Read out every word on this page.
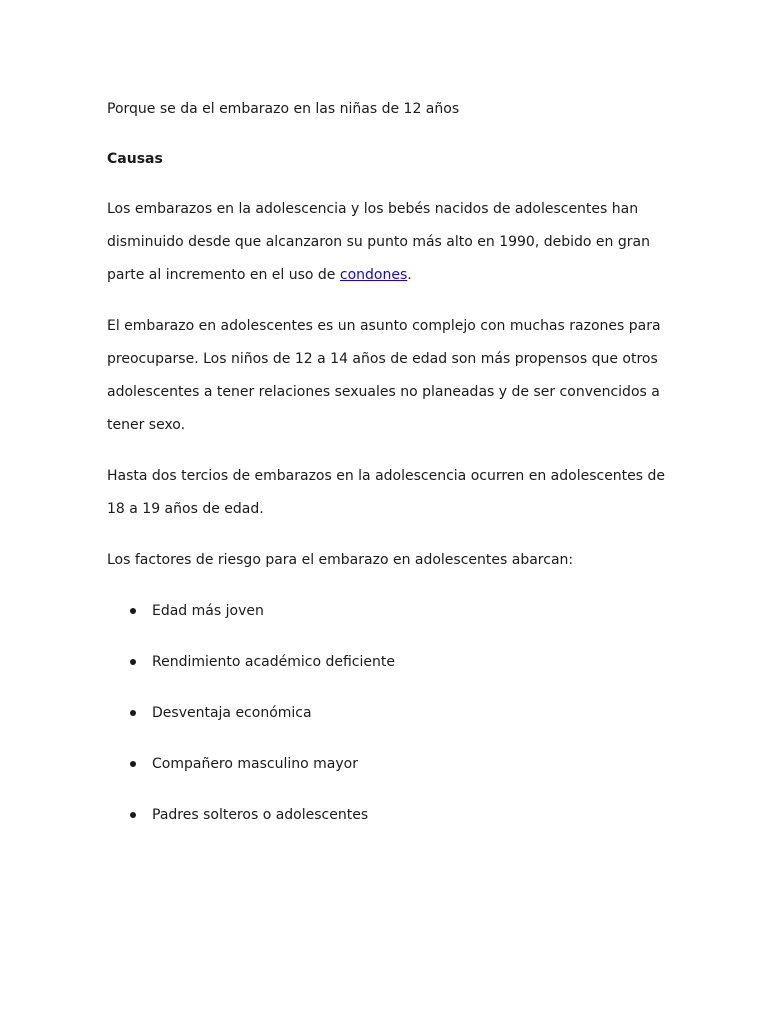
Porque se da el embarazo en las niñas de 12 años

Causas

Los embarazos en la adolescencia y los bebés nacidos de adolescentes han disminuido desde que alcanzaron su punto más alto en 1990, debido en gran parte al incremento en el uso de condones.

El embarazo en adolescentes es un asunto complejo con muchas razones para preocuparse. Los niños de 12 a 14 años de edad son más propensos que otros adolescentes a tener relaciones sexuales no planeadas y de ser convencidos a tener sexo.

Hasta dos tercios de embarazos en la adolescencia ocurren en adolescentes de 18 a 19 años de edad.

Los factores de riesgo para el embarazo en adolescentes abarcan:

Edad más joven
Rendimiento académico deficiente
Desventaja económica
Compañero masculino mayor
Padres solteros o adolescentes
